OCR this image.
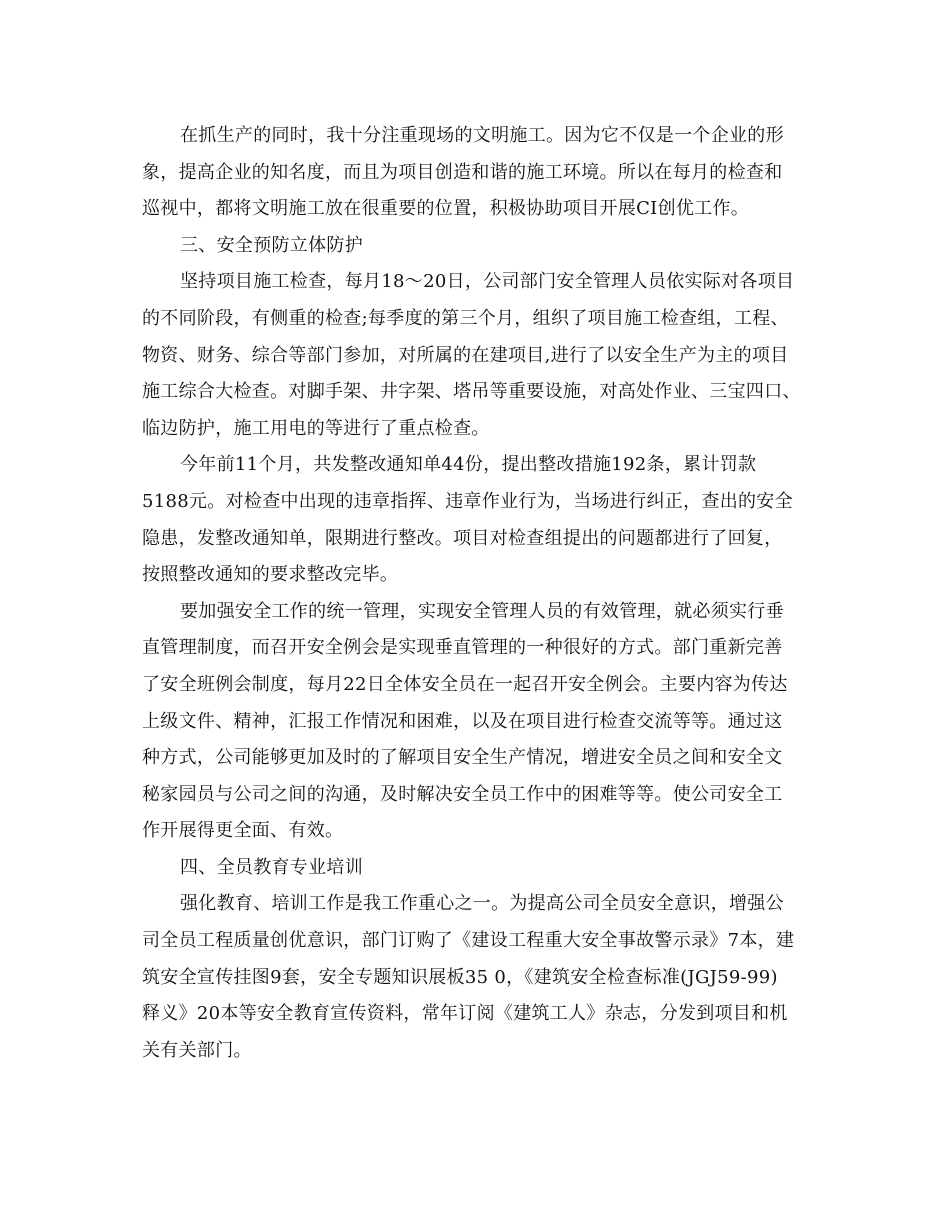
在抓生产的同时，我十分注重现场的文明施工。因为它不仅是一个企业的形
象，提高企业的知名度，而且为项目创造和谐的施工环境。所以在每月的检查和
巡视中，都将文明施工放在很重要的位置，积极协助项目开展CI创优工作。
三、安全预防立体防护
坚持项目施工检查，每月18～20日，公司部门安全管理人员依实际对各项目
的不同阶段，有侧重的检查;每季度的第三个月，组织了项目施工检查组，工程、
物资、财务、综合等部门参加，对所属的在建项目,进行了以安全生产为主的项目
施工综合大检查。对脚手架、井字架、塔吊等重要设施，对高处作业、三宝四口、
临边防护，施工用电的等进行了重点检查。
今年前11个月，共发整改通知单44份，提出整改措施192条，累计罚款
5188元。对检查中出现的违章指挥、违章作业行为，当场进行纠正，查出的安全
隐患，发整改通知单，限期进行整改。项目对检查组提出的问题都进行了回复，
按照整改通知的要求整改完毕。
要加强安全工作的统一管理，实现安全管理人员的有效管理，就必须实行垂
直管理制度，而召开安全例会是实现垂直管理的一种很好的方式。部门重新完善
了安全班例会制度，每月22日全体安全员在一起召开安全例会。主要内容为传达
上级文件、精神，汇报工作情况和困难，以及在项目进行检查交流等等。通过这
种方式，公司能够更加及时的了解项目安全生产情况，增进安全员之间和安全文
秘家园员与公司之间的沟通，及时解决安全员工作中的困难等等。使公司安全工
作开展得更全面、有效。
四、全员教育专业培训
强化教育、培训工作是我工作重心之一。为提高公司全员安全意识，增强公
司全员工程质量创优意识，部门订购了《建设工程重大安全事故警示录》7本，建
筑安全宣传挂图9套，安全专题知识展板35 0，《建筑安全检查标准(JGJ59-99)
释义》20本等安全教育宣传资料，常年订阅《建筑工人》杂志，分发到项目和机
关有关部门。
